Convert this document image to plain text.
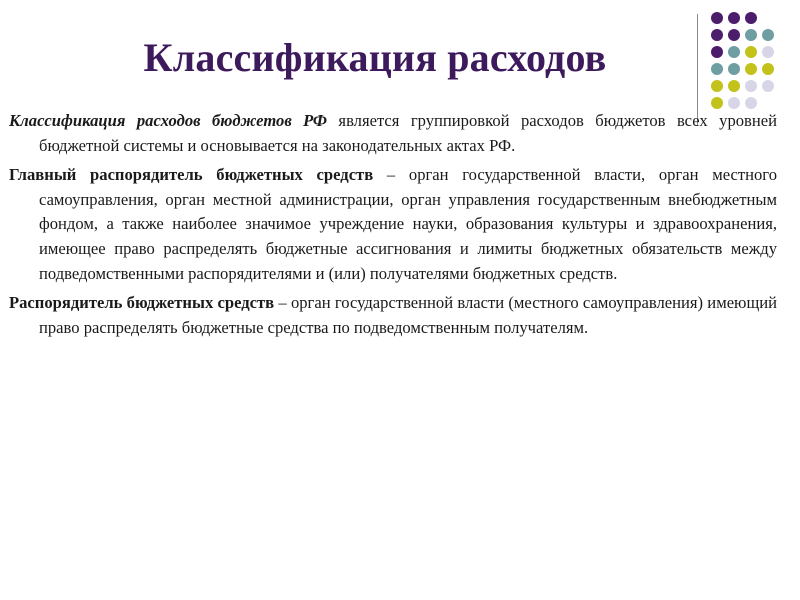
Классификация расходов

Классификация расходов бюджетов РФ является группировкой расходов бюджетов всех уровней бюджетной системы и основывается на законодательных актах РФ.

Главный распорядитель бюджетных средств – орган государственной власти, орган местного самоуправления, орган местной администрации, орган управления государственным внебюджетным фондом, а также наиболее значимое учреждение науки, образования культуры и здравоохранения, имеющее право распределять бюджетные ассигнования и лимиты бюджетных обязательств между подведомственными распорядителями и (или) получателями бюджетных средств.

Распорядитель бюджетных средств – орган государственной власти (местного самоуправления) имеющий право распределять бюджетные средства по подведомственным получателям.
